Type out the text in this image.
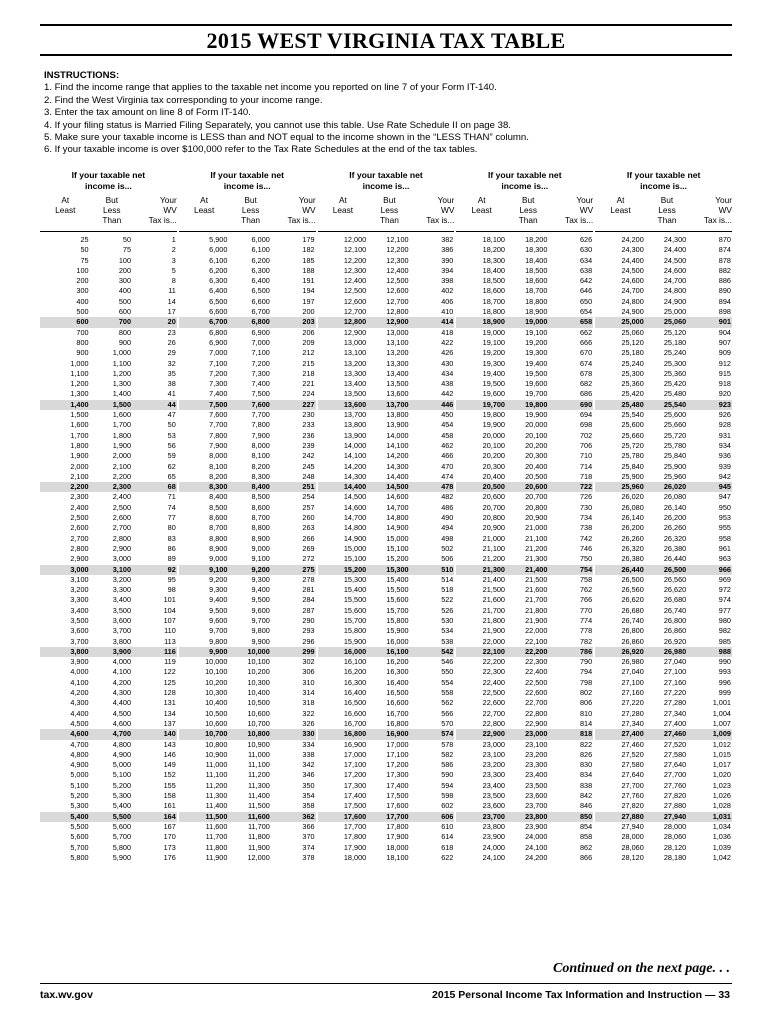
2015 WEST VIRGINIA TAX TABLE
INSTRUCTIONS:
1. Find the income range that applies to the taxable net income you reported on line 7 of your Form IT-140.
2. Find the West Virginia tax corresponding to your income range.
3. Enter the tax amount on line 8 of Form IT-140.
4. If your filing status is Married Filing Separately, you cannot use this table. Use Rate Schedule II on page 38.
5. Make sure your taxable income is LESS than and NOT equal to the income shown in the “LESS THAN” column.
6. If your taxable income is over $100,000 refer to the Tax Rate Schedules at the end of the tax tables.
If your taxable net
income is...
At
Least
But
Less
Than
Your
WV
Tax is...
25	50	1
50	75	2
75	100	3
100	200	5
200	300	8
300	400	11
400	500	14
500	600	17
600	700	20
700	800	23
800	900	26
900	1,000	29
1,000	1,100	32
1,100	1,200	35
1,200	1,300	38
1,300	1,400	41
1,400	1,500	44
1,500	1,600	47
1,600	1,700	50
1,700	1,800	53
1,800	1,900	56
1,900	2,000	59
2,000	2,100	62
2,100	2,200	65
2,200	2,300	68
2,300	2,400	71
2,400	2,500	74
2,500	2,600	77
2,600	2,700	80
2,700	2,800	83
2,800	2,900	86
2,900	3,000	89
3,000	3,100	92
3,100	3,200	95
3,200	3,300	98
3,300	3,400	101
3,400	3,500	104
3,500	3,600	107
3,600	3,700	110
3,700	3,800	113
3,800	3,900	116
3,900	4,000	119
4,000	4,100	122
4,100	4,200	125
4,200	4,300	128
4,300	4,400	131
4,400	4,500	134
4,500	4,600	137
4,600	4,700	140
4,700	4,800	143
4,800	4,900	146
4,900	5,000	149
5,000	5,100	152
5,100	5,200	155
5,200	5,300	158
5,300	5,400	161
5,400	5,500	164
5,500	5,600	167
5,600	5,700	170
5,700	5,800	173
5,800	5,900	176
If your taxable net
income is...
At
Least
But
Less
Than
Your
WV
Tax is...
5,900	6,000	179
6,000	6,100	182
6,100	6,200	185
6,200	6,300	188
6,300	6,400	191
6,400	6,500	194
6,500	6,600	197
6,600	6,700	200
6,700	6,800	203
6,800	6,900	206
6,900	7,000	209
7,000	7,100	212
7,100	7,200	215
7,200	7,300	218
7,300	7,400	221
7,400	7,500	224
7,500	7,600	227
7,600	7,700	230
7,700	7,800	233
7,800	7,900	236
7,900	8,000	239
8,000	8,100	242
8,100	8,200	245
8,200	8,300	248
8,300	8,400	251
8,400	8,500	254
8,500	8,600	257
8,600	8,700	260
8,700	8,800	263
8,800	8,900	266
8,900	9,000	269
9,000	9,100	272
9,100	9,200	275
9,200	9,300	278
9,300	9,400	281
9,400	9,500	284
9,500	9,600	287
9,600	9,700	290
9,700	9,800	293
9,800	9,900	296
9,900	10,000	299
10,000	10,100	302
10,100	10,200	306
10,200	10,300	310
10,300	10,400	314
10,400	10,500	318
10,500	10,600	322
10,600	10,700	326
10,700	10,800	330
10,800	10,900	334
10,900	11,000	338
11,000	11,100	342
11,100	11,200	346
11,200	11,300	350
11,300	11,400	354
11,400	11,500	358
11,500	11,600	362
11,600	11,700	366
11,700	11,800	370
11,800	11,900	374
11,900	12,000	378
If your taxable net
income is...
At
Least
But
Less
Than
Your
WV
Tax is...
12,000	12,100	382
12,100	12,200	386
12,200	12,300	390
12,300	12,400	394
12,400	12,500	398
12,500	12,600	402
12,600	12,700	406
12,700	12,800	410
12,800	12,900	414
12,900	13,000	418
13,000	13,100	422
13,100	13,200	426
13,200	13,300	430
13,300	13,400	434
13,400	13,500	438
13,500	13,600	442
13,600	13,700	446
13,700	13,800	450
13,800	13,900	454
13,900	14,000	458
14,000	14,100	462
14,100	14,200	466
14,200	14,300	470
14,300	14,400	474
14,400	14,500	478
14,500	14,600	482
14,600	14,700	486
14,700	14,800	490
14,800	14,900	494
14,900	15,000	498
15,000	15,100	502
15,100	15,200	506
15,200	15,300	510
15,300	15,400	514
15,400	15,500	518
15,500	15,600	522
15,600	15,700	526
15,700	15,800	530
15,800	15,900	534
15,900	16,000	538
16,000	16,100	542
16,100	16,200	546
16,200	16,300	550
16,300	16,400	554
16,400	16,500	558
16,500	16,600	562
16,600	16,700	566
16,700	16,800	570
16,800	16,900	574
16,900	17,000	578
17,000	17,100	582
17,100	17,200	586
17,200	17,300	590
17,300	17,400	594
17,400	17,500	598
17,500	17,600	602
17,600	17,700	606
17,700	17,800	610
17,800	17,900	614
17,900	18,000	618
18,000	18,100	622
If your taxable net
income is...
At
Least
But
Less
Than
Your
WV
Tax is...
18,100	18,200	626
18,200	18,300	630
18,300	18,400	634
18,400	18,500	638
18,500	18,600	642
18,600	18,700	646
18,700	18,800	650
18,800	18,900	654
18,900	19,000	658
19,000	19,100	662
19,100	19,200	666
19,200	19,300	670
19,300	19,400	674
19,400	19,500	678
19,500	19,600	682
19,600	19,700	686
19,700	19,800	690
19,800	19,900	694
19,900	20,000	698
20,000	20,100	702
20,100	20,200	706
20,200	20,300	710
20,300	20,400	714
20,400	20,500	718
20,500	20,600	722
20,600	20,700	726
20,700	20,800	730
20,800	20,900	734
20,900	21,000	738
21,000	21,100	742
21,100	21,200	746
21,200	21,300	750
21,300	21,400	754
21,400	21,500	758
21,500	21,600	762
21,600	21,700	766
21,700	21,800	770
21,800	21,900	774
21,900	22,000	778
22,000	22,100	782
22,100	22,200	786
22,200	22,300	790
22,300	22,400	794
22,400	22,500	798
22,500	22,600	802
22,600	22,700	806
22,700	22,800	810
22,800	22,900	814
22,900	23,000	818
23,000	23,100	822
23,100	23,200	826
23,200	23,300	830
23,300	23,400	834
23,400	23,500	838
23,500	23,600	842
23,600	23,700	846
23,700	23,800	850
23,800	23,900	854
23,900	24,000	858
24,000	24,100	862
24,100	24,200	866
If your taxable net
income is...
At
Least
But
Less
Than
Your
WV
Tax is...
24,200	24,300	870
24,300	24,400	874
24,400	24,500	878
24,500	24,600	882
24,600	24,700	886
24,700	24,800	890
24,800	24,900	894
24,900	25,000	898
25,000	25,060	901
25,060	25,120	904
25,120	25,180	907
25,180	25,240	909
25,240	25,300	912
25,300	25,360	915
25,360	25,420	918
25,420	25,480	920
25,480	25,540	923
25,540	25,600	926
25,600	25,660	928
25,660	25,720	931
25,720	25,780	934
25,780	25,840	936
25,840	25,900	939
25,900	25,960	942
25,960	26,020	945
26,020	26,080	947
26,080	26,140	950
26,140	26,200	953
26,200	26,260	955
26,260	26,320	958
26,320	26,380	961
26,380	26,440	963
26,440	26,500	966
26,500	26,560	969
26,560	26,620	972
26,620	26,680	974
26,680	26,740	977
26,740	26,800	980
26,800	26,860	982
26,860	26,920	985
26,920	26,980	988
26,980	27,040	990
27,040	27,100	993
27,100	27,160	996
27,160	27,220	999
27,220	27,280	1,001
27,280	27,340	1,004
27,340	27,400	1,007
27,400	27,460	1,009
27,460	27,520	1,012
27,520	27,580	1,015
27,580	27,640	1,017
27,640	27,700	1,020
27,700	27,760	1,023
27,760	27,820	1,026
27,820	27,880	1,028
27,880	27,940	1,031
27,940	28,000	1,034
28,000	28,060	1,036
28,060	28,120	1,039
28,120	28,180	1,042
Continued on the next page. . .
tax.wv.gov	2015 Personal Income Tax Information and Instruction — 33
